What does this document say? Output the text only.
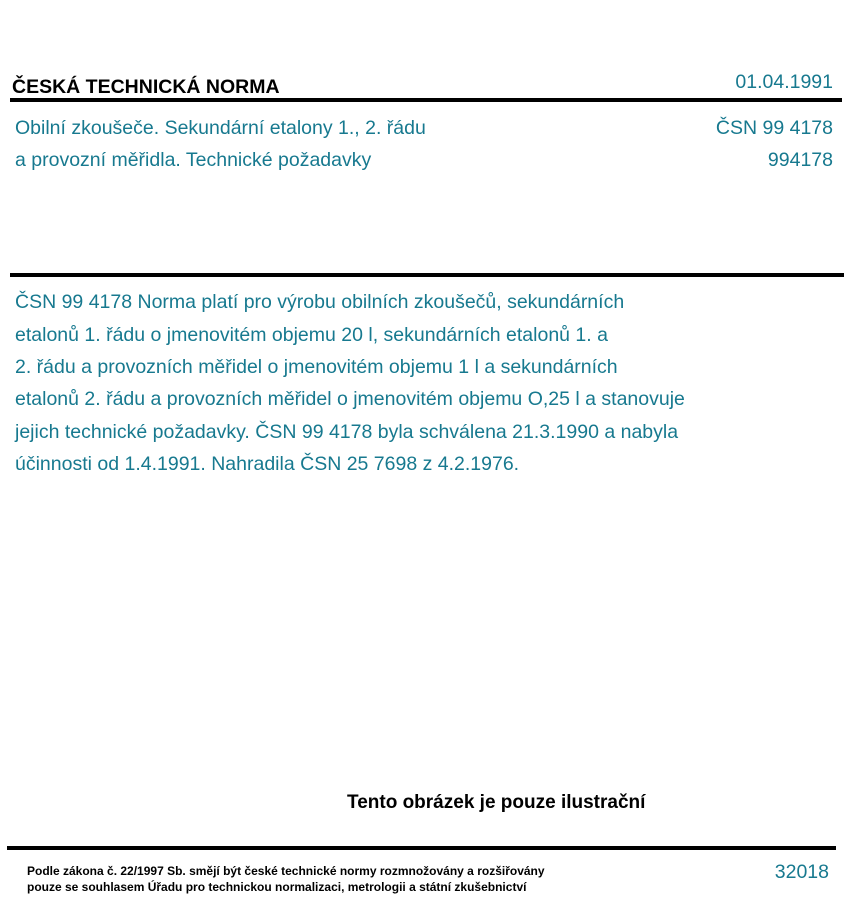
ČESKÁ TECHNICKÁ NORMA	01.04.1991
Obilní zkoušeče. Sekundární etalony 1., 2. řádu
a provozní měřidla. Technické požadavky
ČSN 99 4178
994178
ČSN 99 4178 Norma platí pro výrobu obilních zkoušečů, sekundárních
etalonů 1. řádu o jmenovitém objemu 20 l, sekundárních etalonů 1. a
2. řádu a provozních měřidel o jmenovitém objemu 1 l a sekundárních
etalonů 2. řádu a provozních měřidel o jmenovitém objemu O,25 l a stanovuje
jejich technické požadavky. ČSN 99 4178 byla schválena 21.3.1990 a nabyla
účinnosti od 1.4.1991. Nahradila ČSN 25 7698 z 4.2.1976.
Tento obrázek je pouze ilustrační
Podle zákona č. 22/1997 Sb. smějí být české technické normy rozmnožovány a rozšiřovány
pouze se souhlasem Úřadu pro technickou normalizaci, metrologii a státní zkušebnictví
32018
